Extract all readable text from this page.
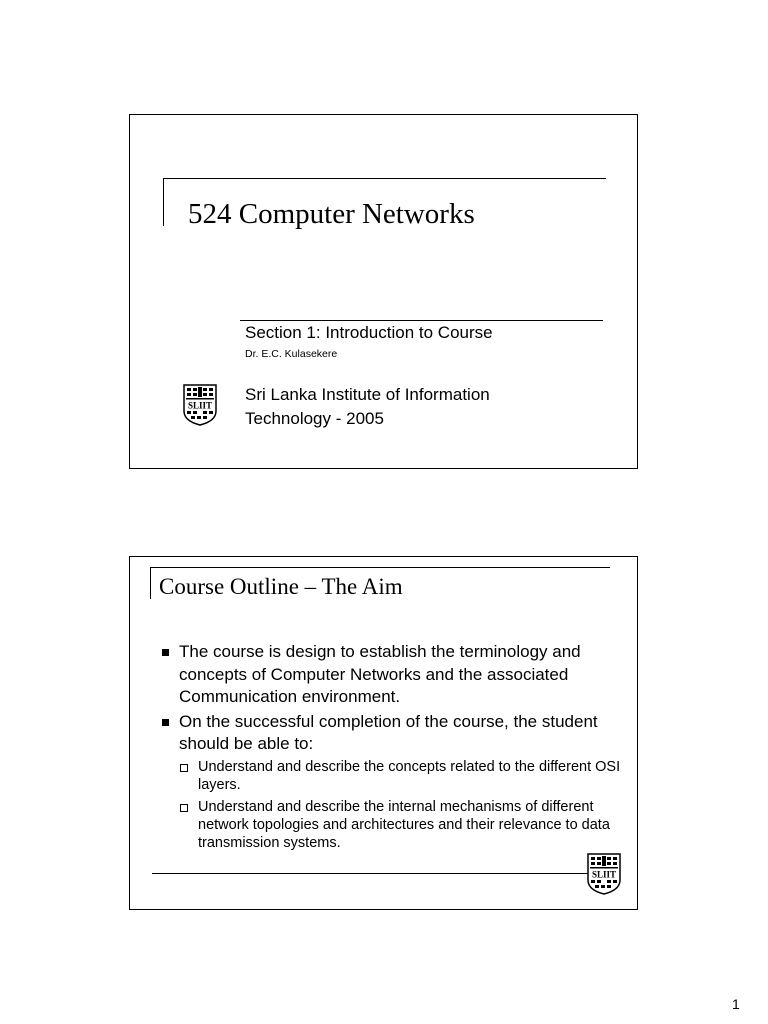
524 Computer Networks
Section 1: Introduction to Course
Dr. E.C. Kulasekere
Sri Lanka Institute of Information
Technology - 2005
SLIIT
Course Outline – The Aim
The course is design to establish the terminology and concepts of Computer Networks and the associated Communication environment.
On the successful completion of the course, the student should be able to:
Understand and describe the concepts related to the different OSI layers.
Understand and describe the internal mechanisms of different network topologies and architectures and their relevance to data transmission systems.
SLIIT
1
